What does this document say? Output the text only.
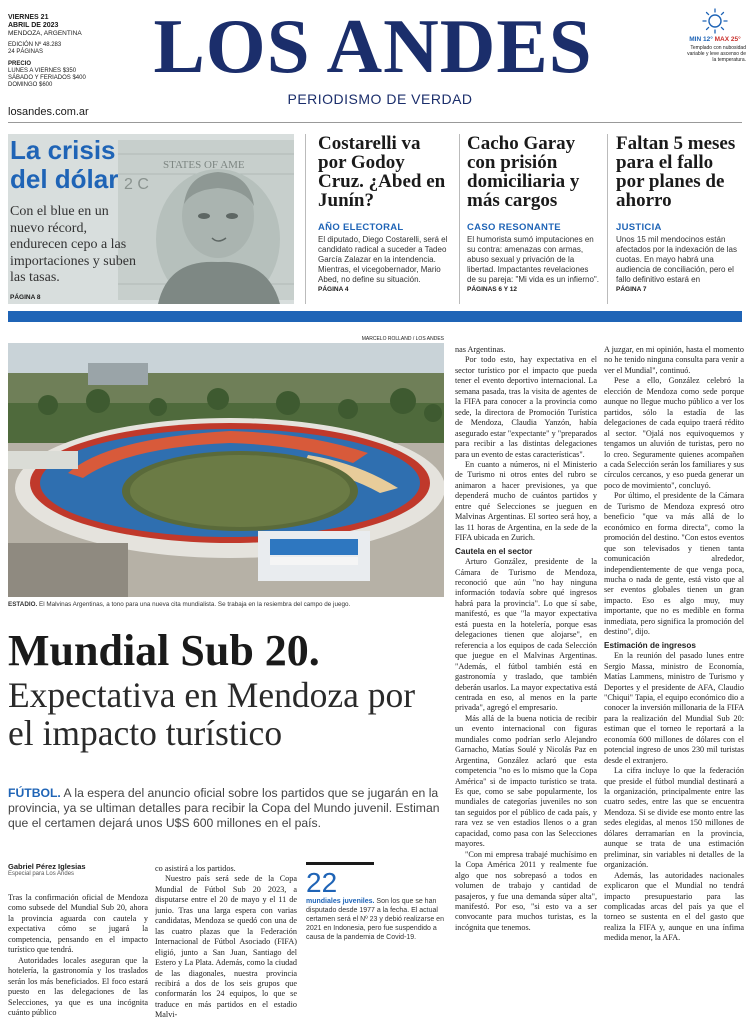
VIERNES 21
ABRIL DE 2023
MENDOZA, ARGENTINA
EDICIÓN Nº 48.283
24 PÁGINAS
PRECIO
LUNES A VIERNES $350
SÁBADO Y FERIADOS $400
DOMINGO $600	LOS ANDES
PERIODISMO DE VERDAD
losandes.com.ar
MIN 12° MAX 25°
Templado con nubosidad variable y leve ascenso de la temperatura.
STATES OF AME
2 C
La crisis
del dólar
Con el blue en un nuevo récord, endurecen cepo a las importaciones y suben las tasas.
PÁGINA 8
Costarelli va por Godoy Cruz. ¿Abed en Junín?
AÑO ELECTORAL
El diputado, Diego Costarelli, será el candidato radical a suceder a Tadeo García Zalazar en la intendencia. Mientras, el vicegobernador, Mario Abed, no define su situación.
PÁGINA 4
Cacho Garay con prisión domiciliaria y más cargos
CASO RESONANTE
El humorista sumó imputaciones en su contra: amenazas con armas, abuso sexual y privación de la libertad. Impactantes revelaciones de su pareja: "Mi vida es un infierno".
PÁGINAS 6 Y 12
Faltan 5 meses para el fallo por planes de ahorro
JUSTICIA
Unos 15 mil mendocinos están afectados por la indexación de las cuotas. En mayo habrá una audiencia de conciliación, pero el fallo definitivo estará en
PÁGINA 7
MARCELO ROLLAND / LOS ANDES
ESTADIO. El Malvinas Argentinas, a tono para una nueva cita mundialista. Se trabaja en la resiembra del campo de juego.
Mundial Sub 20.
Expectativa en Mendoza por el impacto turístico
FÚTBOL. A la espera del anuncio oficial sobre los partidos que se jugarán en la provincia, ya se ultiman detalles para recibir la Copa del Mundo juvenil. Estiman que el certamen dejará unos U$S 600 millones en el país.
Gabriel Pérez Iglesias
Especial para Los Andes

Tras la confirmación oficial de Mendoza como subsede del Mundial Sub 20, ahora la provincia aguarda con cautela y expectativa cómo se jugará la competencia, pensando en el impacto turístico que tendrá.

Autoridades locales aseguran que la hotelería, la gastronomía y los traslados serán los más beneficiados. El foco estará puesto en las delegaciones de las Selecciones, ya que es una incógnita cuánto público

co asistirá a los partidos.

Nuestro país será sede de la Copa Mundial de Fútbol Sub 20 2023, a disputarse entre el 20 de mayo y el 11 de junio. Tras una larga espera con varias candidatas, Mendoza se quedó con una de las cuatro plazas que la Federación Internacional de Fútbol Asociado (FIFA) eligió, junto a San Juan, Santiago del Estero y La Plata. Además, como la ciudad de las diagonales, nuestra provincia recibirá a dos de los seis grupos que conformarán los 24 equipos, lo que se traduce en más partidos en el estadio Malvi-

22
mundiales juveniles. Son los que se han disputado desde 1977 a la fecha. El actual certamen será el Nº 23 y debió realizarse en 2021 en Indonesia, pero fue suspendido a causa de la pandemia de Covid-19.

nas Argentinas.

Por todo esto, hay expectativa en el sector turístico por el impacto que pueda tener el evento deportivo internacional. La semana pasada, tras la visita de agentes de la FIFA para conocer a la provincia como sede, la directora de Promoción Turística de Mendoza, Claudia Yanzón, había asegurado estar "expectante" y "preparados para recibir a las distintas delegaciones para un evento de estas características".

En cuanto a números, ni el Ministerio de Turismo ni otros entes del rubro se animaron a hacer previsiones, ya que dependerá mucho de cuántos partidos y entre qué Selecciones se jueguen en Malvinas Argentinas. El sorteo será hoy, a las 11 horas de Argentina, en la sede de la FIFA ubicada en Zurich.

Cautela en el sector

Arturo González, presidente de la Cámara de Turismo de Mendoza, reconoció que aún "no hay ninguna información todavía sobre qué ingresos habrá para la provincia". Lo que sí sabe, manifestó, es que "la mayor expectativa está puesta en la hotelería, porque esas delegaciones tienen que alojarse", en referencia a los equipos de cada Selección que juegue en el Malvinas Argentinas. "Además, el fútbol también está en gastronomía y traslado, que también deberán usarlos. La mayor expectativa está centrada en eso, al menos en la parte privada", agregó el empresario.

Más allá de la buena noticia de recibir un evento internacional con figuras mundiales como podrían serlo Alejandro Garnacho, Matías Soulé y Nicolás Paz en Argentina, González aclaró que esta competencia "no es lo mismo que la Copa América" si de impacto turístico se trata. Es que, como se sabe popularmente, los mundiales de categorías juveniles no son tan seguidos por el público de cada país, y rara vez se ven estadios llenos o a gran capacidad, como pasa con las Selecciones mayores.

"Con mi empresa trabajé muchísimo en la Copa América 2011 y realmente fue algo que nos sobrepasó a todos en volumen de trabajo y cantidad de pasajeros, y fue una demanda súper alta", manifestó. Por eso, "si esto va a ser convocante para muchos turistas, es la incógnita que tenemos.

A juzgar, en mi opinión, hasta el momento no he tenido ninguna consulta para venir a ver el Mundial", continuó.

Pese a ello, González celebró la elección de Mendoza como sede porque aunque no llegue mucho público a ver los partidos, sólo la estadía de las delegaciones de cada equipo traerá rédito al sector. "Ojalá nos equivoquemos y tengamos un aluvión de turistas, pero no lo creo. Seguramente quienes acompañen a cada Selección serán los familiares y sus círculos cercanos, y eso pueda generar un poco de movimiento", concluyó.

Por último, el presidente de la Cámara de Turismo de Mendoza expresó otro beneficio "que va más allá de lo económico en forma directa", como la promoción del destino. "Con estos eventos que son televisados y tienen tanta comunicación alrededor, independientemente de que venga poca, mucha o nada de gente, está visto que al ser eventos globales tienen un gran impacto. Eso es algo muy, muy importante, que no es medible en forma inmediata, pero significa la promoción del destino", dijo.

Estimación de ingresos

En la reunión del pasado lunes entre Sergio Massa, ministro de Economía, Matías Lammens, ministro de Turismo y Deportes y el presidente de AFA, Claudio "Chiqui" Tapia, el equipo económico dio a conocer la inversión millonaria de la FIFA para la realización del Mundial Sub 20: estiman que el torneo le reportará a la economía 600 millones de dólares con el potencial ingreso de unos 230 mil turistas desde el extranjero.

La cifra incluye lo que la federación que preside el fútbol mundial destinará a la organización, principalmente entre las cuatro sedes, entre las que se encuentra Mendoza. Si se divide ese monto entre las sedes elegidas, al menos 150 millones de dólares derramarían en la provincia, aunque se trata de una estimación preliminar, sin variables ni detalles de la organización.

Además, las autoridades nacionales explicaron que el Mundial no tendrá impacto presupuestario para las complicadas arcas del país ya que el torneo se sustenta en el del gasto que realiza la FIFA y, aunque en una ínfima medida menor, la AFA.
